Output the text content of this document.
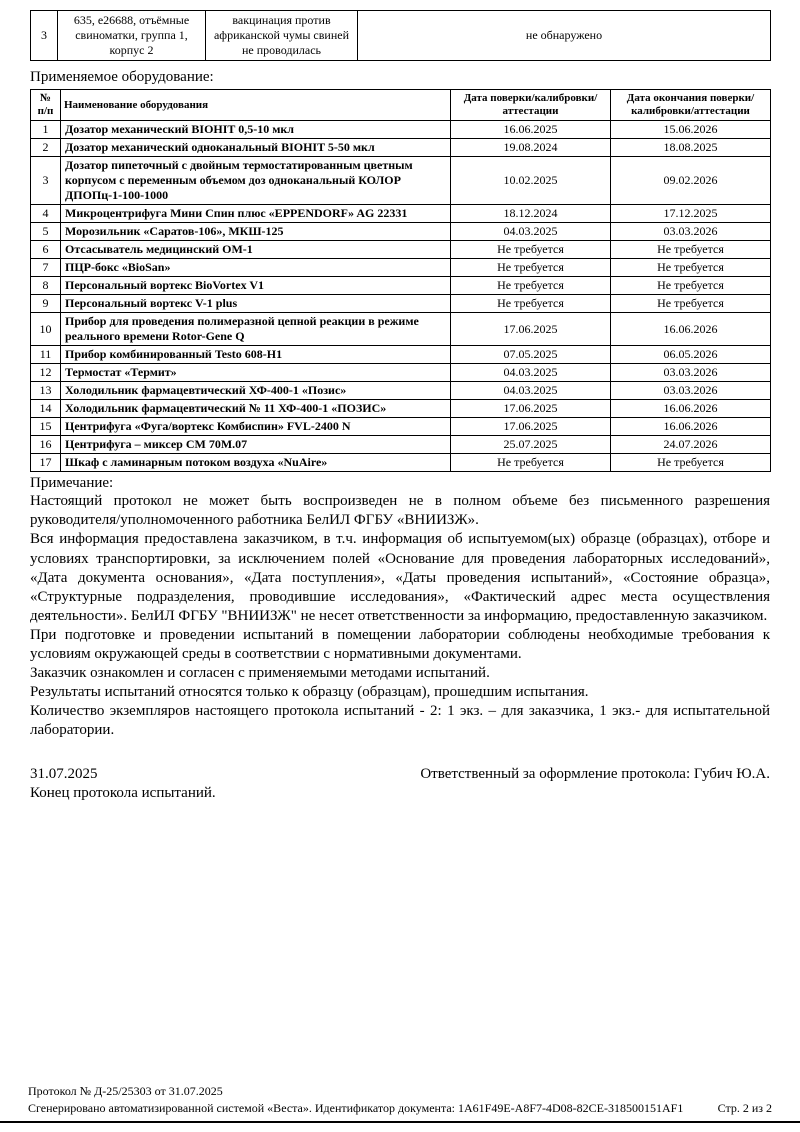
3	635, e26688, отъёмные свиноматки, группа 1, корпус 2	вакцинация против африканской чумы свиней не проводилась	не обнаружено

Применяемое оборудование:

№ п/п	Наименование оборудования	Дата поверки/калибровки/аттестации	Дата окончания поверки/калибровки/аттестации
1	Дозатор механический BIOHIT 0,5-10 мкл	16.06.2025	15.06.2026
2	Дозатор механический одноканальный BIOHIT 5-50 мкл	19.08.2024	18.08.2025
3	Дозатор пипеточный с двойным термостатированным цветным корпусом с переменным объемом доз одноканальный КОЛОР ДПОПц-1-100-1000	10.02.2025	09.02.2026
4	Микроцентрифуга Мини Спин плюс «EPPENDORF» AG 22331	18.12.2024	17.12.2025
5	Морозильник «Саратов-106», МКШ-125	04.03.2025	03.03.2026
6	Отсасыватель медицинский ОМ-1	Не требуется	Не требуется
7	ПЦР-бокс «BioSan»	Не требуется	Не требуется
8	Персональный вортекс BioVortex V1	Не требуется	Не требуется
9	Персональный вортекс V-1 plus	Не требуется	Не требуется
10	Прибор для проведения полимеразной цепной реакции в режиме реального времени Rotor-Gene Q	17.06.2025	16.06.2026
11	Прибор комбинированный Testo 608-H1	07.05.2025	06.05.2026
12	Термостат «Термит»	04.03.2025	03.03.2026
13	Холодильник фармацевтический ХФ-400-1 «Позис»	04.03.2025	03.03.2026
14	Холодильник фармацевтический № 11 ХФ-400-1 «ПОЗИС»	17.06.2025	16.06.2026
15	Центрифуга «Фуга/вортекс Комбиспин» FVL-2400 N	17.06.2025	16.06.2026
16	Центрифуга – миксер СМ 70М.07	25.07.2025	24.07.2026
17	Шкаф с ламинарным потоком воздуха «NuAire»	Не требуется	Не требуется

Примечание:

Настоящий протокол не может быть воспроизведен не в полном объеме без письменного разрешения руководителя/уполномоченного работника БелИЛ ФГБУ «ВНИИЗЖ».

Вся информация предоставлена заказчиком, в т.ч. информация об испытуемом(ых) образце (образцах), отборе и условиях транспортировки, за исключением полей «Основание для проведения лабораторных исследований», «Дата документа основания», «Дата поступления», «Даты проведения испытаний», «Состояние образца», «Структурные подразделения, проводившие исследования», «Фактический адрес места осуществления деятельности». БелИЛ ФГБУ "ВНИИЗЖ" не несет ответственности за информацию, предоставленную заказчиком.

При подготовке и проведении испытаний в помещении лаборатории соблюдены необходимые требования к условиям окружающей среды в соответствии с нормативными документами.

Заказчик ознакомлен и согласен с применяемыми методами испытаний.

Результаты испытаний относятся только к образцу (образцам), прошедшим испытания.

Количество экземпляров настоящего протокола испытаний - 2: 1 экз. – для заказчика, 1 экз.- для испытательной лаборатории.

31.07.2025	Ответственный за оформление протокола: Губич Ю.А.

Конец протокола испытаний.

Протокол № Д-25/25303 от 31.07.2025
Сгенерировано автоматизированной системой «Веста». Идентификатор документа: 1A61F49E-A8F7-4D08-82CE-318500151AF1	Стр. 2 из 2
